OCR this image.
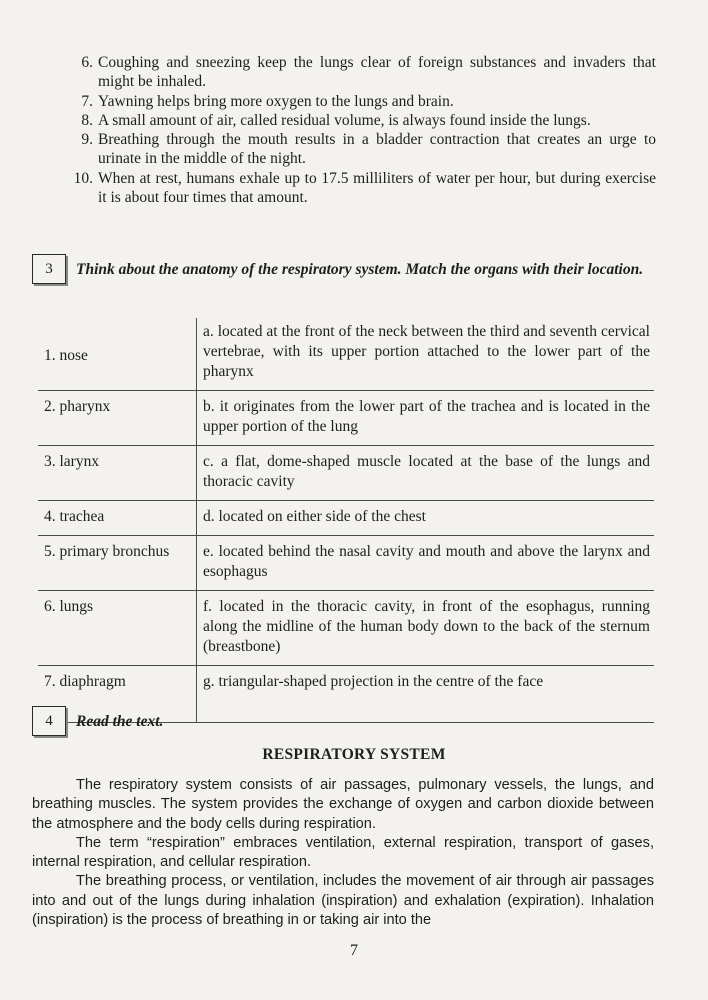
6. Coughing and sneezing keep the lungs clear of foreign substances and invaders that might be inhaled.
7. Yawning helps bring more oxygen to the lungs and brain.
8. A small amount of air, called residual volume, is always found inside the lungs.
9. Breathing through the mouth results in a bladder contraction that creates an urge to urinate in the middle of the night.
10. When at rest, humans exhale up to 17.5 milliliters of water per hour, but during exercise it is about four times that amount.
3	Think about the anatomy of the respiratory system. Match the organs with their location.
1. nose	a. located at the front of the neck between the third and seventh cervical vertebrae, with its upper portion attached to the lower part of the pharynx
2. pharynx	b. it originates from the lower part of the trachea and is located in the upper portion of the lung
3. larynx	c. a flat, dome-shaped muscle located at the base of the lungs and thoracic cavity
4. trachea	d. located on either side of the chest
5. primary bronchus	e. located behind the nasal cavity and mouth and above the larynx and esophagus
6. lungs	f. located in the thoracic cavity, in front of the esophagus, running along the midline of the human body down to the back of the sternum (breastbone)
7. diaphragm	g. triangular-shaped projection in the centre of the face
4	Read the text.
RESPIRATORY SYSTEM

The respiratory system consists of air passages, pulmonary vessels, the lungs, and breathing muscles. The system provides the exchange of oxygen and carbon dioxide between the atmosphere and the body cells during respiration.

The term “respiration” embraces ventilation, external respiration, transport of gases, internal respiration, and cellular respiration.

The breathing process, or ventilation, includes the movement of air through air passages into and out of the lungs during inhalation (inspiration) and exhalation (expiration). Inhalation (inspiration) is the process of breathing in or taking air into the

7
